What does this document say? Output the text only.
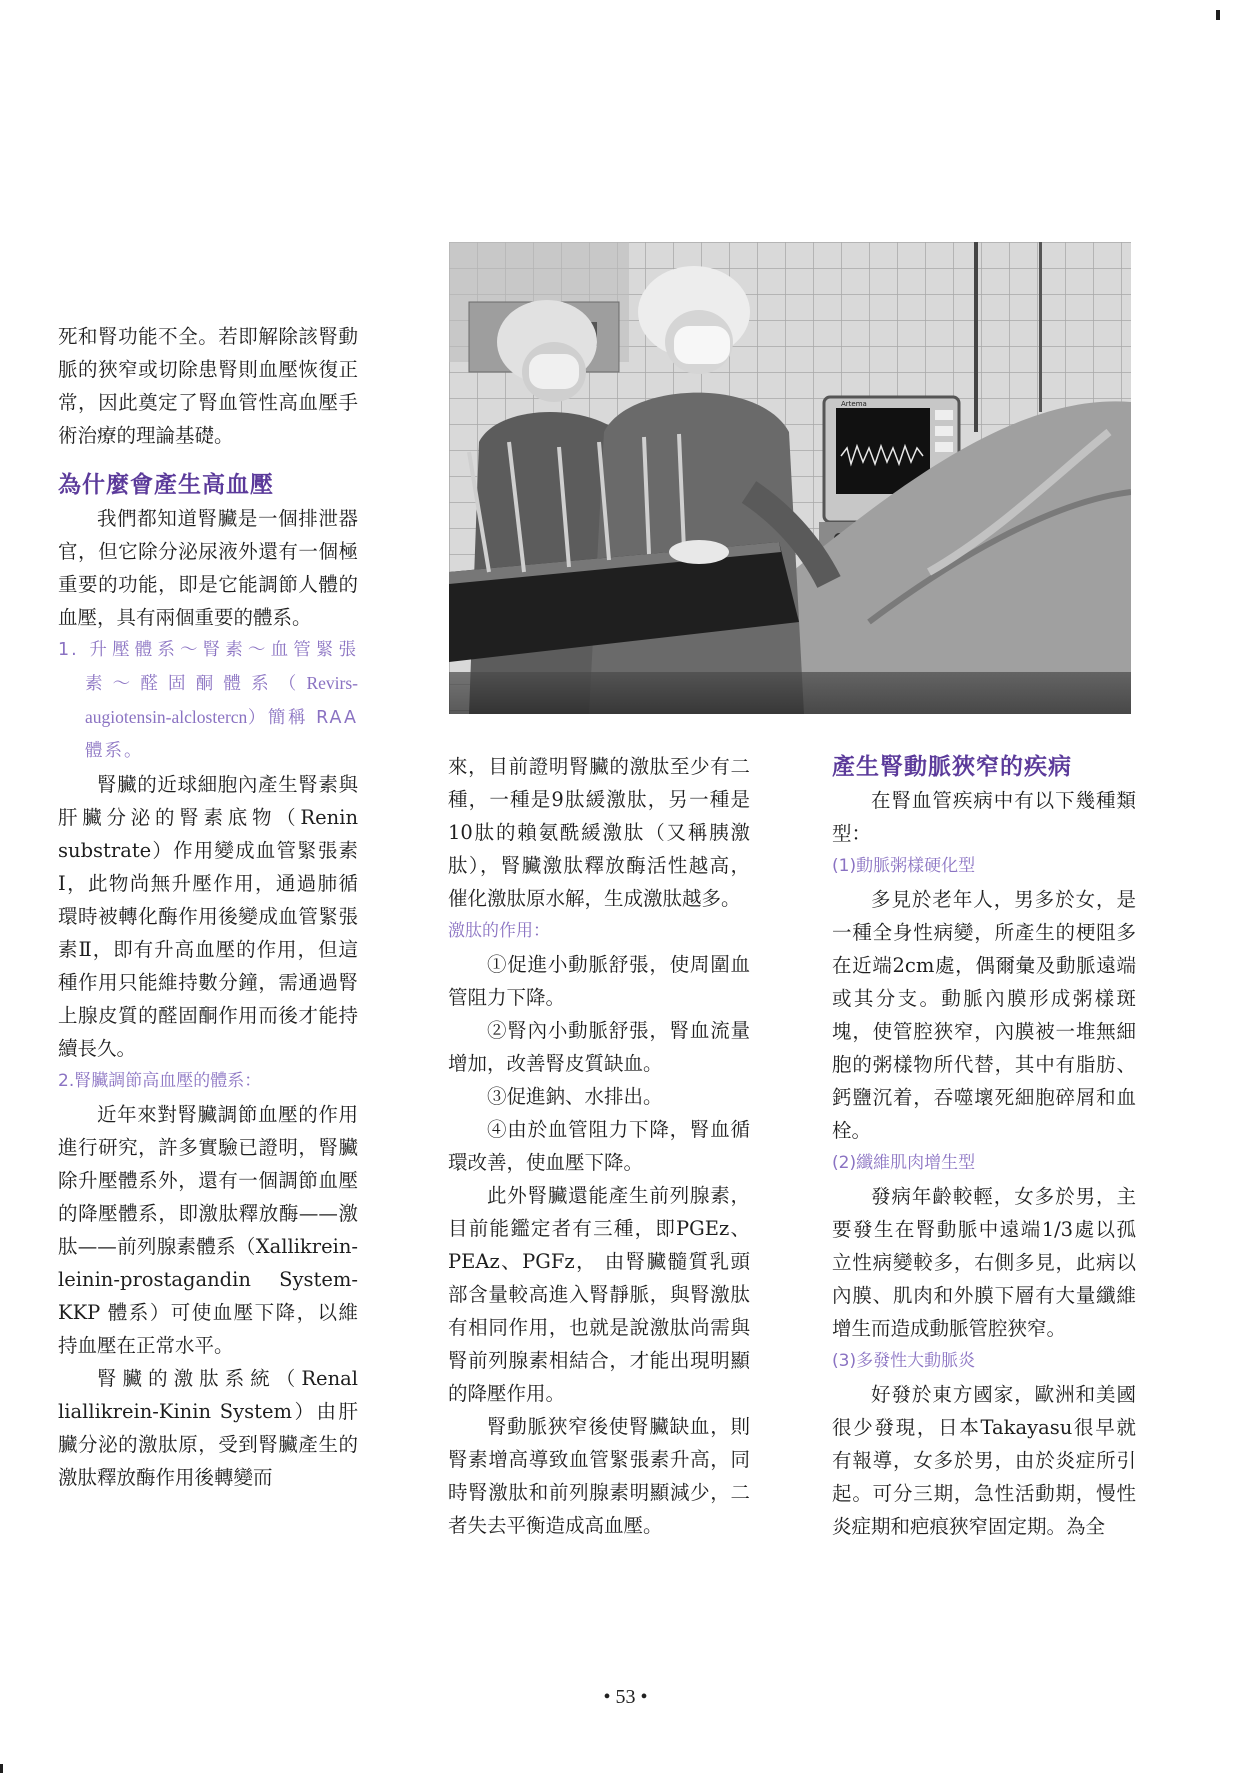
Artema

死和腎功能不全。若即解除該腎動脈的狹窄或切除患腎則血壓恢復正常，因此奠定了腎血管性高血壓手術治療的理論基礎。

為什麼會產生高血壓

我們都知道腎臟是一個排泄器官，但它除分泌尿液外還有一個極重要的功能，即是它能調節人體的血壓，具有兩個重要的體系。

1. 升壓體系〜腎素〜血管緊張素〜醛固酮體系（Revirs-augiotensin-alclostercn）簡稱 RAA體系。

腎臟的近球細胞內產生腎素與肝臟分泌的腎素底物（Renin substrate）作用變成血管緊張素Ⅰ，此物尚無升壓作用，通過肺循環時被轉化酶作用後變成血管緊張素Ⅱ，即有升高血壓的作用，但這種作用只能維持數分鐘，需通過腎上腺皮質的醛固酮作用而後才能持續長久。

2.腎臟調節高血壓的體系：

近年來對腎臟調節血壓的作用進行研究，許多實驗已證明，腎臟除升壓體系外，還有一個調節血壓的降壓體系，即激肽釋放酶——激肽——前列腺素體系（Xallikrein-leinin-prostagandin System-KKP 體系）可使血壓下降，以維持血壓在正常水平。

腎臟的激肽系統（Renal liallikrein-Kinin System）由肝臟分泌的激肽原，受到腎臟產生的激肽釋放酶作用後轉變而

來，目前證明腎臟的激肽至少有二種，一種是9肽緩激肽，另一種是10肽的賴氨酰緩激肽（又稱胰激肽），腎臟激肽釋放酶活性越高，催化激肽原水解，生成激肽越多。

激肽的作用：

①促進小動脈舒張，使周圍血管阻力下降。

②腎內小動脈舒張，腎血流量增加，改善腎皮質缺血。

③促進鈉、水排出。

④由於血管阻力下降，腎血循環改善，使血壓下降。

此外腎臟還能產生前列腺素，目前能鑑定者有三種，即PGEz、PEAz、PGFz， 由腎臟髓質乳頭部含量較高進入腎靜脈，與腎激肽有相同作用，也就是說激肽尚需與腎前列腺素相結合，才能出現明顯的降壓作用。

腎動脈狹窄後使腎臟缺血，則腎素增高導致血管緊張素升高，同時腎激肽和前列腺素明顯減少，二者失去平衡造成高血壓。

產生腎動脈狹窄的疾病

在腎血管疾病中有以下幾種類型：

(1)動脈粥樣硬化型

多見於老年人，男多於女，是一種全身性病變，所產生的梗阻多在近端2cm處，偶爾彙及動脈遠端或其分支。動脈內膜形成粥樣斑塊，使管腔狹窄，內膜被一堆無細胞的粥樣物所代替，其中有脂肪、鈣鹽沉着，吞噬壞死細胞碎屑和血栓。

(2)纖維肌肉增生型

發病年齡較輕，女多於男，主要發生在腎動脈中遠端1/3處以孤立性病變較多，右側多見，此病以內膜、肌肉和外膜下層有大量纖維增生而造成動脈管腔狹窄。

(3)多發性大動脈炎

好發於東方國家，歐洲和美國很少發現，日本Takayasu很早就有報導，女多於男，由於炎症所引起。可分三期，急性活動期，慢性炎症期和疤痕狹窄固定期。為全

• 53 •
